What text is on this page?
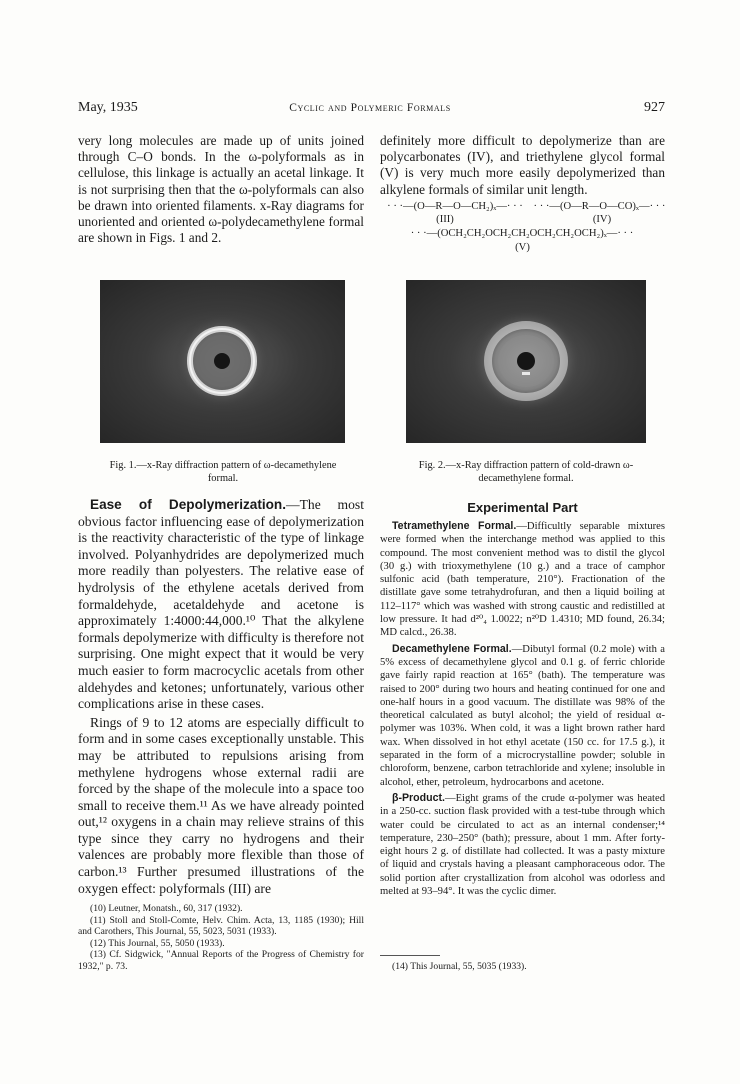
May, 1935	Cyclic and Polymeric Formals	927

very long molecules are made up of units joined through C–O bonds. In the ω-polyformals as in cellulose, this linkage is actually an acetal linkage. It is not surprising then that the ω-polyformals can also be drawn into oriented filaments. x-Ray diagrams for unoriented and oriented ω-polydecamethylene formal are shown in Figs. 1 and 2.

definitely more difficult to depolymerize than are polycarbonates (IV), and triethylene glycol formal (V) is very much more easily depolymerized than alkylene formals of similar unit length.

· · ·—(O—R—O—CH₂)ₓ—· · ·	· · ·—(O—R—O—CO)ₓ—· · ·
(III)	(IV)
· · ·—(OCH₂CH₂OCH₂CH₂OCH₂CH₂OCH₂)ₓ—· · ·
(V)
Fig. 1.—x-Ray diffraction pattern of ω-decamethylene formal.
Fig. 2.—x-Ray diffraction pattern of cold-drawn ω-decamethylene formal.

Ease of Depolymerization.—The most obvious factor influencing ease of depolymerization is the reactivity characteristic of the type of linkage involved. Polyanhydrides are depolymerized much more readily than polyesters. The relative ease of hydrolysis of the ethylene acetals derived from formaldehyde, acetaldehyde and acetone is approximately 1:4000:44,000.¹⁰ That the alkylene formals depolymerize with difficulty is therefore not surprising. One might expect that it would be very much easier to form macrocyclic acetals from other aldehydes and ketones; unfortunately, various other complications arise in these cases.

Rings of 9 to 12 atoms are especially difficult to form and in some cases exceptionally unstable. This may be attributed to repulsions arising from methylene hydrogens whose external radii are forced by the shape of the molecule into a space too small to receive them.¹¹ As we have already pointed out,¹² oxygens in a chain may relieve strains of this type since they carry no hydrogens and their valences are probably more flexible than those of carbon.¹³ Further presumed illustrations of the oxygen effect: polyformals (III) are

(10) Leutner, Monatsh., 60, 317 (1932).

(11) Stoll and Stoll-Comte, Helv. Chim. Acta, 13, 1185 (1930); Hill and Carothers, This Journal, 55, 5023, 5031 (1933).

(12) This Journal, 55, 5050 (1933).

(13) Cf. Sidgwick, "Annual Reports of the Progress of Chemistry for 1932," p. 73.

Experimental Part

Tetramethylene Formal.—Difficultly separable mixtures were formed when the interchange method was applied to this compound. The most convenient method was to distil the glycol (30 g.) with trioxymethylene (10 g.) and a trace of camphor sulfonic acid (bath temperature, 210°). Fractionation of the distillate gave some tetrahydrofuran, and then a liquid boiling at 112–117° which was washed with strong caustic and redistilled at low pressure. It had d²⁰₄ 1.0022; n²⁰D 1.4310; MD found, 26.34; MD calcd., 26.38.

Decamethylene Formal.—Dibutyl formal (0.2 mole) with a 5% excess of decamethylene glycol and 0.1 g. of ferric chloride gave fairly rapid reaction at 165° (bath). The temperature was raised to 200° during two hours and heating continued for one and one-half hours in a good vacuum. The distillate was 98% of the theoretical calculated as butyl alcohol; the yield of residual α-polymer was 103%. When cold, it was a light brown rather hard wax. When dissolved in hot ethyl acetate (150 cc. for 17.5 g.), it separated in the form of a microcrystalline powder; soluble in chloroform, benzene, carbon tetrachloride and xylene; insoluble in alcohol, ether, petroleum, hydrocarbons and acetone.

β-Product.—Eight grams of the crude α-polymer was heated in a 250-cc. suction flask provided with a test-tube through which water could be circulated to act as an internal condenser;¹⁴ temperature, 230–250° (bath); pressure, about 1 mm. After forty-eight hours 2 g. of distillate had collected. It was a pasty mixture of liquid and crystals having a pleasant camphoraceous odor. The solid portion after crystallization from alcohol was odorless and melted at 93–94°. It was the cyclic dimer.

(14) This Journal, 55, 5035 (1933).
